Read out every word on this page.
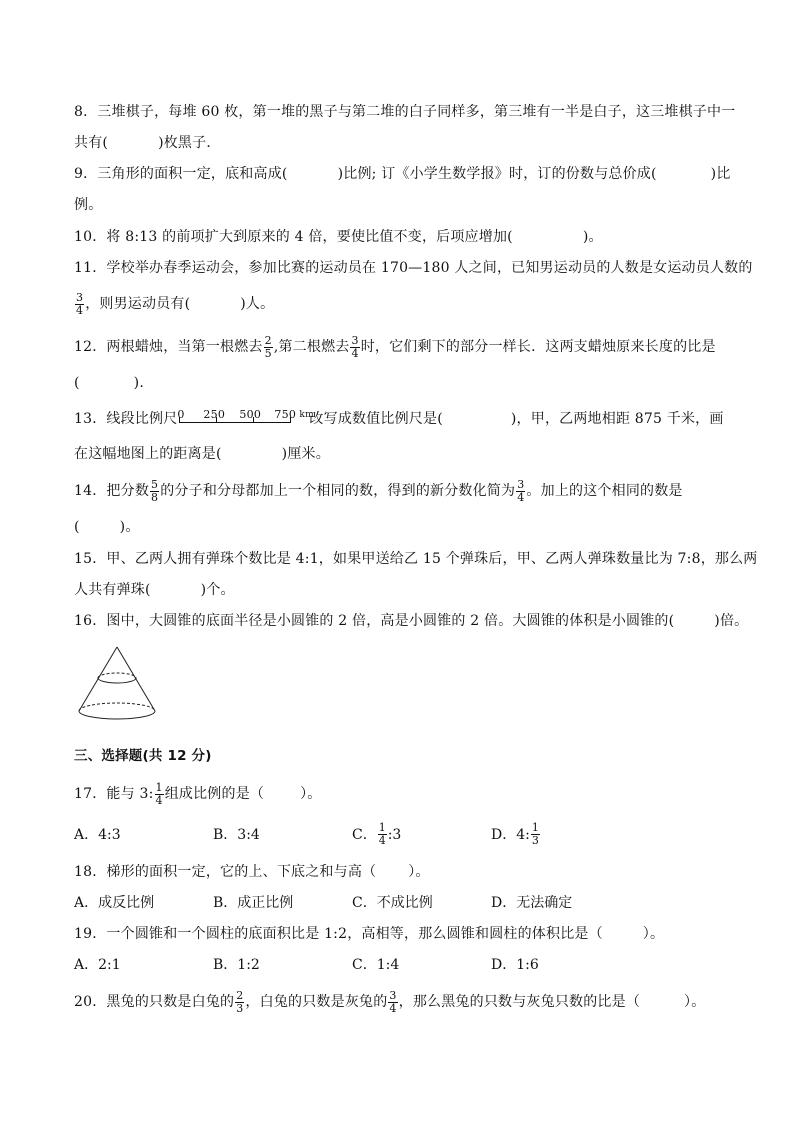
8．三堆棋子，每堆 60 枚，第一堆的黑子与第二堆的白子同样多，第三堆有一半是白子，这三堆棋子中一
共有(	)枚黑子．
9．三角形的面积一定，底和高成(	)比例; 订《小学生数学报》时，订的份数与总价成(	)比
例。
10．将 8:13 的前项扩大到原来的 4 倍，要使比值不变，后项应增加(	)。
11．学校举办春季运动会，参加比赛的运动员在 170—180 人之间，已知男运动员的人数是女运动员人数的
$\frac{3}{4}$ ，则男运动员有(	)人。
12．两根蜡烛，当第一根燃去 $\frac{2}{5}$ ,第二根燃去 $\frac{3}{4}$ 时，它们剩下的部分一样长．这两支蜡烛原来长度的比是
(	).
13．线段比例尺 0 250 500 750 km
改写成数值比例尺是(	)，甲，乙两地相距 875 千米，画
在这幅地图上的距离是(	)厘米。
14．把分数 $\frac{5}{8}$ 的分子和分母都加上一个相同的数，得到的新分数化简为 $\frac{3}{4}$ 。加上的这个相同的数是
(	)。
15．甲、乙两人拥有弹珠个数比是 4:1，如果甲送给乙 15 个弹珠后，甲、乙两人弹珠数量比为 7:8，那么两
人共有弹珠(	)个。
16．图中，大圆锥的底面半径是小圆锥的 2 倍，高是小圆锥的 2 倍。大圆锥的体积是小圆锥的(	)倍。
三、选择题(共 12 分)
17．能与 3: $\frac{1}{4}$ 组成比例的是（	）。
A．4:3	B．3:4	C． $\frac{1}{4}$ :3	D．4: $\frac{1}{3}$
18．梯形的面积一定，它的上、下底之和与高（ ）。
A．成反比例	B．成正比例	C．不成比例	D．无法确定
19．一个圆锥和一个圆柱的底面积比是 1:2，高相等，那么圆锥和圆柱的体积比是（	）。
A．2:1	B．1:2	C．1:4	D．1:6
20．黑兔的只数是白兔的 $\frac{2}{3}$ ，白兔的只数是灰兔的 $\frac{3}{4}$ ，那么黑兔的只数与灰兔只数的比是（	）。
